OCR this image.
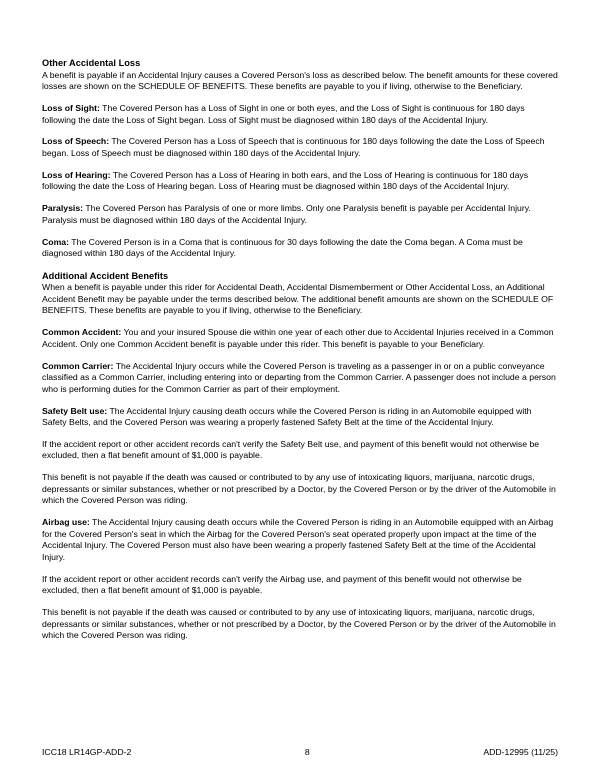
Other Accidental Loss

A benefit is payable if an Accidental Injury causes a Covered Person's loss as described below. The benefit amounts for these covered losses are shown on the SCHEDULE OF BENEFITS. These benefits are payable to you if living, otherwise to the Beneficiary.

Loss of Sight: The Covered Person has a Loss of Sight in one or both eyes, and the Loss of Sight is continuous for 180 days following the date the Loss of Sight began. Loss of Sight must be diagnosed within 180 days of the Accidental Injury.

Loss of Speech: The Covered Person has a Loss of Speech that is continuous for 180 days following the date the Loss of Speech began. Loss of Speech must be diagnosed within 180 days of the Accidental Injury.

Loss of Hearing: The Covered Person has a Loss of Hearing in both ears, and the Loss of Hearing is continuous for 180 days following the date the Loss of Hearing began. Loss of Hearing must be diagnosed within 180 days of the Accidental Injury.

Paralysis: The Covered Person has Paralysis of one or more limbs. Only one Paralysis benefit is payable per Accidental Injury. Paralysis must be diagnosed within 180 days of the Accidental Injury.

Coma: The Covered Person is in a Coma that is continuous for 30 days following the date the Coma began. A Coma must be diagnosed within 180 days of the Accidental Injury.

Additional Accident Benefits

When a benefit is payable under this rider for Accidental Death, Accidental Dismemberment or Other Accidental Loss, an Additional Accident Benefit may be payable under the terms described below. The additional benefit amounts are shown on the SCHEDULE OF BENEFITS. These benefits are payable to you if living, otherwise to the Beneficiary.

Common Accident: You and your insured Spouse die within one year of each other due to Accidental Injuries received in a Common Accident. Only one Common Accident benefit is payable under this rider. This benefit is payable to your Beneficiary.

Common Carrier: The Accidental Injury occurs while the Covered Person is traveling as a passenger in or on a public conveyance classified as a Common Carrier, including entering into or departing from the Common Carrier. A passenger does not include a person who is performing duties for the Common Carrier as part of their employment.

Safety Belt use: The Accidental Injury causing death occurs while the Covered Person is riding in an Automobile equipped with Safety Belts, and the Covered Person was wearing a properly fastened Safety Belt at the time of the Accidental Injury.

If the accident report or other accident records can't verify the Safety Belt use, and payment of this benefit would not otherwise be excluded, then a flat benefit amount of $1,000 is payable.

This benefit is not payable if the death was caused or contributed to by any use of intoxicating liquors, marijuana, narcotic drugs, depressants or similar substances, whether or not prescribed by a Doctor, by the Covered Person or by the driver of the Automobile in which the Covered Person was riding.

Airbag use: The Accidental Injury causing death occurs while the Covered Person is riding in an Automobile equipped with an Airbag for the Covered Person's seat in which the Airbag for the Covered Person's seat operated properly upon impact at the time of the Accidental Injury. The Covered Person must also have been wearing a properly fastened Safety Belt at the time of the Accidental Injury.

If the accident report or other accident records can't verify the Airbag use, and payment of this benefit would not otherwise be excluded, then a flat benefit amount of $1,000 is payable.

This benefit is not payable if the death was caused or contributed to by any use of intoxicating liquors, marijuana, narcotic drugs, depressants or similar substances, whether or not prescribed by a Doctor, by the Covered Person or by the driver of the Automobile in which the Covered Person was riding.

ICC18 LR14GP-ADD-2	8	ADD-12995 (11/25)
